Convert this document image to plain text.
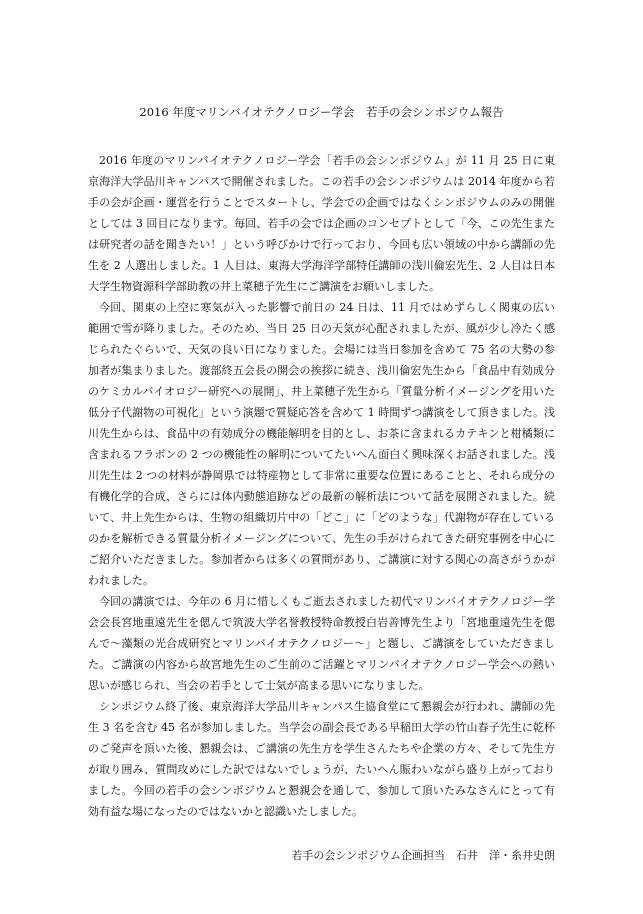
2016 年度マリンバイオテクノロジー学会　若手の会シンポジウム報告

2016 年度のマリンバイオテクノロジー学会「若手の会シンポジウム」が 11 月 25 日に東京海洋大学品川キャンパスで開催されました。この若手の会シンポジウムは 2014 年度から若手の会が企画・運営を行うことでスタートし、学会での企画ではなくシンポジウムのみの開催としては 3 回目になります。毎回、若手の会では企画のコンセプトとして「今、この先生または研究者の話を聞きたい！」という呼びかけで行っており、今回も広い領域の中から講師の先生を 2 人選出しました。1 人目は、東海大学海洋学部特任講師の浅川倫宏先生、2 人目は日本大学生物資源科学部助教の井上菜穂子先生にご講演をお願いしました。

今回、関東の上空に寒気が入った影響で前日の 24 日は、11 月ではめずらしく関東の広い範囲で雪が降りました。そのため、当日 25 日の天気が心配されましたが、風が少し冷たく感じられたぐらいで、天気の良い日になりました。会場には当日参加を含めて 75 名の大勢の参加者が集まりました。渡部終五会長の開会の挨拶に続き、浅川倫宏先生から「食品中有効成分のケミカルバイオロジー研究への展開」、井上菜穂子先生から「質量分析イメージングを用いた低分子代謝物の可視化」という演題で質疑応答を含めて 1 時間ずつ講演をして頂きました。浅川先生からは、食品中の有効成分の機能解明を目的とし、お茶に含まれるカテキンと柑橘類に含まれるフラボンの 2 つの機能性の解明についてたいへん面白く興味深くお話されました。浅川先生は 2 つの材料が静岡県では特産物として非常に重要な位置にあることと、それら成分の有機化学的合成、さらには体内動態追跡などの最新の解析法について話を展開されました。続いて、井上先生からは、生物の組織切片中の「どこ」に「どのような」代謝物が存在しているのかを解析できる質量分析イメージングについて、先生の手がけられてきた研究事例を中心にご紹介いただきました。参加者からは多くの質問があり、ご講演に対する関心の高さがうかがわれました。

今回の講演では、今年の 6 月に惜しくもご逝去されました初代マリンバイオテクノロジー学会会長宮地重遠先生を偲んで筑波大学名誉教授特命教授白岩善博先生より「宮地重遠先生を偲んで～藻類の光合成研究とマリンバイオテクノロジー～」と題し、ご講演をしていただきました。ご講演の内容から故宮地先生のご生前のご活躍とマリンバイオテクノロジー学会への熱い思いが感じられ、当会の若手として士気が高まる思いになりました。

シンポジウム終了後、東京海洋大学品川キャンパス生協食堂にて懇親会が行われ、講師の先生 3 名を含む 45 名が参加しました。当学会の副会長である早稲田大学の竹山春子先生に乾杯のご発声を頂いた後、懇親会は、ご講演の先生方を学生さんたちや企業の方々、そして先生方が取り囲み、質問攻めにした訳ではないでしょうが、たいへん賑わいながら盛り上がっておりました。今回の若手の会シンポジウムと懇親会を通して、参加して頂いたみなさんにとって有効有益な場になったのではないかと認識いたしました。

若手の会シンポジウム企画担当　石井　洋・糸井史朗
